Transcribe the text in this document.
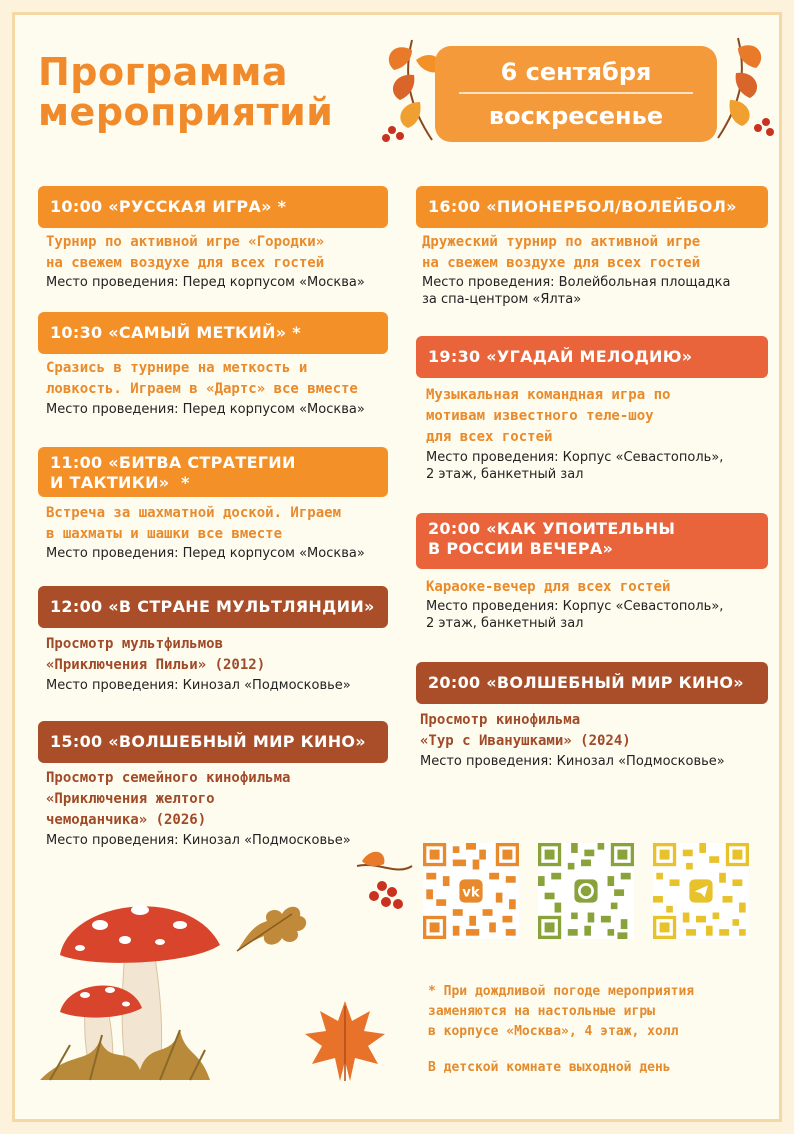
Программа
мероприятий
6 сентября
воскресенье
10:00 «РУССКАЯ ИГРА» *
Турнир по активной игре «Городки»
на свежем воздухе для всех гостей
Место проведения: Перед корпусом «Москва»
10:30 «САМЫЙ МЕТКИЙ» *
Сразись в турнире на меткость и
ловкость. Играем в «Дартс» все вместе
Место проведения: Перед корпусом «Москва»
11:00 «БИТВА СТРАТЕГИИ
И ТАКТИКИ»  *
Встреча за шахматной доской. Играем
в шахматы и шашки все вместе
Место проведения: Перед корпусом «Москва»
12:00 «В СТРАНЕ МУЛЬТЛЯНДИИ»
Просмотр мультфильмов
«Приключения Пильи» (2012)
Место проведения: Кинозал «Подмосковье»
15:00 «ВОЛШЕБНЫЙ МИР КИНО»
Просмотр семейного кинофильма
«Приключения желтого
чемоданчика» (2026)
Место проведения: Кинозал «Подмосковье»
16:00 «ПИОНЕРБОЛ/ВОЛЕЙБОЛ»
Дружеский турнир по активной игре
на свежем воздухе для всех гостей
Место проведения: Волейбольная площадка
за спа-центром «Ялта»
19:30 «УГАДАЙ МЕЛОДИЮ»
Музыкальная командная игра по
мотивам известного теле-шоу
для всех гостей
Место проведения: Корпус «Севастополь»,
2 этаж, банкетный зал
20:00 «КАК УПОИТЕЛЬНЫ
В РОССИИ ВЕЧЕРА»
Караоке-вечер для всех гостей
Место проведения: Корпус «Севастополь»,
2 этаж, банкетный зал
20:00 «ВОЛШЕБНЫЙ МИР КИНО»
Просмотр кинофильма
«Тур с Иванушками» (2024)
Место проведения: Кинозал «Подмосковье»
vk
* При дождливой погоде мероприятия
заменяются на настольные игры
в корпусе «Москва», 4 этаж, холл
В детской комнате выходной день
